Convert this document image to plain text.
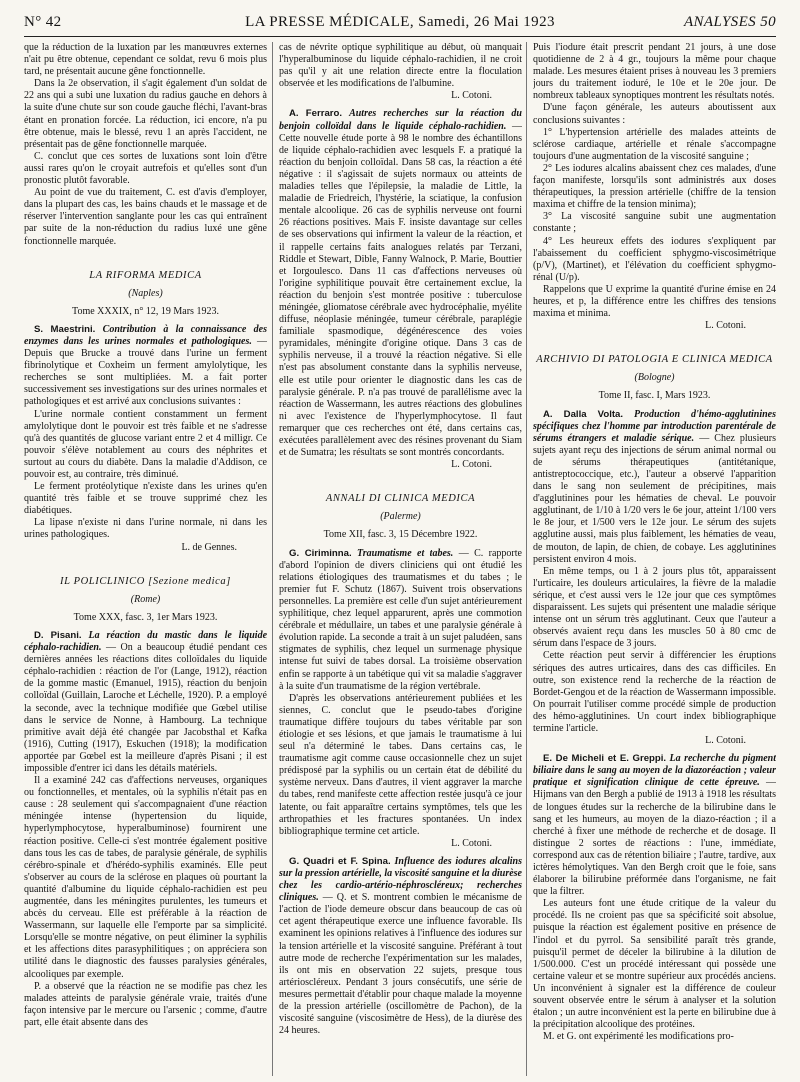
N° 42	LA PRESSE MÉDICALE, Samedi, 26 Mai 1923	ANALYSES 50

que la réduction de la luxation par les manœuvres externes n'ait pu être obtenue, cependant ce soldat, revu 6 mois plus tard, ne présentait aucune gêne fonctionnelle.

Dans la 2e observation, il s'agit également d'un soldat de 22 ans qui a subi une luxation du radius gauche en dehors à la suite d'une chute sur son coude gauche fléchi, l'avant-bras étant en pronation forcée. La réduction, ici encore, n'a pu être obtenue, mais le blessé, revu 1 an après l'accident, ne présentait pas de gêne fonctionnelle marquée.

C. conclut que ces sortes de luxations sont loin d'être aussi rares qu'on le croyait autrefois et qu'elles sont d'un pronostic plutôt favorable.

Au point de vue du traitement, C. est d'avis d'employer, dans la plupart des cas, les bains chauds et le massage et de réserver l'intervention sanglante pour les cas qui entraînent par suite de la non-réduction du radius luxé une gêne fonctionnelle marquée.

LA RIFORMA MEDICA
(Naples)
Tome XXXIX, n° 12, 19 Mars 1923.

S. Maestrini. Contribution à la connaissance des enzymes dans les urines normales et pathologiques. — Depuis que Brucke a trouvé dans l'urine un ferment fibrinolytique et Coxheim un ferment amylolytique, les recherches se sont multipliées. M. a fait porter successivement ses investigations sur des urines normales et pathologiques et est arrivé aux conclusions suivantes :

L'urine normale contient constamment un ferment amylolytique dont le pouvoir est très faible et ne s'adresse qu'à des quantités de glucose variant entre 2 et 4 milligr. Ce pouvoir s'élève notablement au cours des néphrites et surtout au cours du diabète. Dans la maladie d'Addison, ce pouvoir est, au contraire, très diminué.

Le ferment protéolytique n'existe dans les urines qu'en quantité très faible et se trouve supprimé chez les diabétiques.

La lipase n'existe ni dans l'urine normale, ni dans les urines pathologiques.

L. de Gennes.

IL POLICLINICO [Sezione medica]
(Rome)
Tome XXX, fasc. 3, 1er Mars 1923.

D. Pisani. La réaction du mastic dans le liquide céphalo-rachidien. — On a beaucoup étudié pendant ces dernières années les réactions dites colloïdales du liquide céphalo-rachidien : réaction de l'or (Lange, 1912), réaction de la gomme mastic (Emanuel, 1915), réaction du benjoin colloïdal (Guillain, Laroche et Léchelle, 1920). P. a employé la seconde, avec la technique modifiée que Gœbel utilise dans le service de Nonne, à Hambourg. La technique primitive avait déjà été changée par Jacobsthal et Kafka (1916), Cutting (1917), Eskuchen (1918); la modification apportée par Gœbel est la meilleure d'après Pisani ; il est impossible d'entrer ici dans les détails matériels.

Il a examiné 242 cas d'affections nerveuses, organiques ou fonctionnelles, et mentales, où la syphilis n'était pas en cause : 28 seulement qui s'accompagnaient d'une réaction méningée intense (hypertension du liquide, hyperlymphocytose, hyperalbuminose) fournirent une réaction positive. Celle-ci s'est montrée également positive dans tous les cas de tabes, de paralysie générale, de syphilis cérébro-spinale et d'hérédo-syphilis examinés. Elle peut s'observer au cours de la sclérose en plaques où pourtant la quantité d'albumine du liquide céphalo-rachidien est peu augmentée, dans les méningites purulentes, les tumeurs et abcès du cerveau. Elle est préférable à la réaction de Wassermann, sur laquelle elle l'emporte par sa simplicité. Lorsqu'elle se montre négative, on peut éliminer la syphilis et les affections dites parasyphilitiques ; on appréciera son utilité dans le diagnostic des fausses paralysies générales, alcooliques par exemple.

P. a observé que la réaction ne se modifie pas chez les malades atteints de paralysie générale vraie, traités d'une façon intensive par le mercure ou l'arsenic ; comme, d'autre part, elle était absente dans des

cas de névrite optique syphilitique au début, où manquait l'hyperalbuminose du liquide céphalo-rachidien, il ne croit pas qu'il y ait une relation directe entre la floculation observée et les modifications de l'albumine.

L. Cotoni.

A. Ferraro. Autres recherches sur la réaction du benjoin colloïdal dans le liquide céphalo-rachidien. — Cette nouvelle étude porte à 98 le nombre des échantillons de liquide céphalo-rachidien avec lesquels F. a pratiqué la réaction du benjoin colloïdal. Dans 58 cas, la réaction a été négative : il s'agissait de sujets normaux ou atteints de maladies telles que l'épilepsie, la maladie de Little, la maladie de Friedreich, l'hystérie, la sciatique, la confusion mentale alcoolique. 26 cas de syphilis nerveuse ont fourni 26 réactions positives. Mais F. insiste davantage sur celles de ses observations qui infirment la valeur de la réaction, et il rappelle certains faits analogues relatés par Terzani, Riddle et Stewart, Dible, Fanny Walnock, P. Marie, Bouttier et Iorgoulesco. Dans 11 cas d'affections nerveuses où l'origine syphilitique pouvait être certainement exclue, la réaction du benjoin s'est montrée positive : tuberculose méningée, gliomatose cérébrale avec hydrocéphalie, myélite diffuse, néoplasie méningée, tumeur cérébrale, paraplégie familiale spasmodique, dégénérescence des voies pyramidales, méningite d'origine otique. Dans 3 cas de syphilis nerveuse, il a trouvé la réaction négative. Si elle n'est pas absolument constante dans la syphilis nerveuse, elle est utile pour orienter le diagnostic dans les cas de paralysie générale. P. n'a pas trouvé de parallélisme avec la réaction de Wassermann, les autres réactions des globulines ni avec l'existence de l'hyperlymphocytose. Il faut remarquer que ces recherches ont été, dans certains cas, exécutées parallèlement avec des résines provenant du Siam et de Sumatra; les résultats se sont montrés concordants.

L. Cotoni.

ANNALI DI CLINICA MEDICA
(Palerme)
Tome XII, fasc. 3, 15 Décembre 1922.

G. Ciriminna. Traumatisme et tabes. — C. rapporte d'abord l'opinion de divers cliniciens qui ont étudié les relations étiologiques des traumatismes et du tabes ; le premier fut F. Schutz (1867). Suivent trois observations personnelles. La première est celle d'un sujet antérieurement syphilitique, chez lequel apparurent, après une commotion cérébrale et médullaire, un tabes et une paralysie générale à évolution rapide. La seconde a trait à un sujet paludéen, sans stigmates de syphilis, chez lequel un surmenage physique intense fut suivi de tabes dorsal. La troisième observation enfin se rapporte à un tabétique qui vit sa maladie s'aggraver à la suite d'un traumatisme de la région vertébrale.

D'après les observations antérieurement publiées et les siennes, C. conclut que le pseudo-tabes d'origine traumatique diffère toujours du tabes véritable par son étiologie et ses lésions, et que jamais le traumatisme à lui seul n'a déterminé le tabes. Dans certains cas, le traumatisme agit comme cause occasionnelle chez un sujet prédisposé par la syphilis ou un certain état de débilité du système nerveux. Dans d'autres, il vient aggraver la marche du tabes, rend manifeste cette affection restée jusqu'à ce jour latente, ou fait apparaître certains symptômes, tels que les arthropathies et les fractures spontanées. Un index bibliographique termine cet article.

L. Cotoni.

G. Quadri et F. Spina. Influence des iodures alcalins sur la pression artérielle, la viscosité sanguine et la diurèse chez les cardio-artério-néphroscléreux; recherches cliniques. — Q. et S. montrent combien le mécanisme de l'action de l'iode demeure obscur dans beaucoup de cas où cet agent thérapeutique exerce une influence favorable. Ils examinent les opinions relatives à l'influence des iodures sur la tension artérielle et la viscosité sanguine. Préférant à tout autre mode de recherche l'expérimentation sur les malades, ils ont mis en observation 22 sujets, presque tous artérioscléreux. Pendant 3 jours consécutifs, une série de mesures permettait d'établir pour chaque malade la moyenne de la pression artérielle (oscillomètre de Pachon), de la viscosité sanguine (viscosimètre de Hess), de la diurèse des 24 heures.

Puis l'iodure était prescrit pendant 21 jours, à une dose quotidienne de 2 à 4 gr., toujours la même pour chaque malade. Les mesures étaient prises à nouveau les 3 premiers jours du traitement ioduré, le 10e et le 20e jour. De nombreux tableaux synoptiques montrent les résultats notés.

D'une façon générale, les auteurs aboutissent aux conclusions suivantes :

1° L'hypertension artérielle des malades atteints de sclérose cardiaque, artérielle et rénale s'accompagne toujours d'une augmentation de la viscosité sanguine ;

2° Les iodures alcalins abaissent chez ces malades, d'une façon manifeste, lorsqu'ils sont administrés aux doses thérapeutiques, la pression artérielle (chiffre de la tension maxima et chiffre de la tension minima);

3° La viscosité sanguine subit une augmentation constante ;

4° Les heureux effets des iodures s'expliquent par l'abaissement du coefficient sphygmo-viscosimétrique (p/V), (Martinet), et l'élévation du coefficient sphygmo-rénal (U/p).

Rappelons que U exprime la quantité d'urine émise en 24 heures, et p, la différence entre les chiffres des tensions maxima et minima.

L. Cotoni.

ARCHIVIO DI PATOLOGIA E CLINICA MEDICA
(Bologne)
Tome II, fasc. I, Mars 1923.

A. Dalla Volta. Production d'hémo-agglutinines spécifiques chez l'homme par introduction parentérale de sérums étrangers et maladie sérique. — Chez plusieurs sujets ayant reçu des injections de sérum animal normal ou de sérums thérapeutiques (antitétanique, antistreptococcique, etc.), l'auteur a observé l'apparition dans le sang non seulement de précipitines, mais d'agglutinines pour les hématies de cheval. Le pouvoir agglutinant, de 1/10 à 1/20 vers le 6e jour, atteint 1/100 vers le 8e jour, et 1/500 vers le 12e jour. Le sérum des sujets agglutine aussi, mais plus faiblement, les hématies de veau, de mouton, de lapin, de chien, de cobaye. Les agglutinines persistent environ 4 mois.

En même temps, ou 1 à 2 jours plus tôt, apparaissent l'urticaire, les douleurs articulaires, la fièvre de la maladie sérique, et c'est aussi vers le 12e jour que ces symptômes disparaissent. Les sujets qui présentent une maladie sérique intense ont un sérum très agglutinant. Ceux que l'auteur a observés avaient reçu dans les muscles 50 à 80 cmc de sérum dans l'espace de 3 jours.

Cette réaction peut servir à différencier les éruptions sériques des autres urticaires, dans des cas difficiles. En outre, son existence rend la recherche de la réaction de Bordet-Gengou et de la réaction de Wassermann impossible. On pourrait l'utiliser comme procédé simple de production des hémo-agglutinines. Un court index bibliographique termine l'article.

L. Cotoni.

E. De Micheli et E. Greppi. La recherche du pigment biliaire dans le sang au moyen de la diazoréaction ; valeur pratique et signification clinique de cette épreuve. — Hijmans van den Bergh a publié de 1913 à 1918 les résultats de longues études sur la recherche de la bilirubine dans le sang et les humeurs, au moyen de la diazo-réaction ; il a cherché à fixer une méthode de recherche et de dosage. Il distingue 2 sortes de réactions : l'une, immédiate, correspond aux cas de rétention biliaire ; l'autre, tardive, aux ictères hémolytiques. Van den Bergh croit que le foie, sans élaborer la bilirubine préformée dans l'organisme, ne fait que la filtrer.

Les auteurs font une étude critique de la valeur du procédé. Ils ne croient pas que sa spécificité soit absolue, puisque la réaction est également positive en présence de l'indol et du pyrrol. Sa sensibilité paraît très grande, puisqu'il permet de déceler la bilirubine à la dilution de 1/500.000. C'est un procédé intéressant qui possède une certaine valeur et se montre supérieur aux procédés anciens. Un inconvénient à signaler est la différence de couleur souvent observée entre le sérum à analyser et la solution étalon ; un autre inconvénient est la perte en bilirubine due à la précipitation alcoolique des protéines.

M. et G. ont expérimenté les modifications pro-
